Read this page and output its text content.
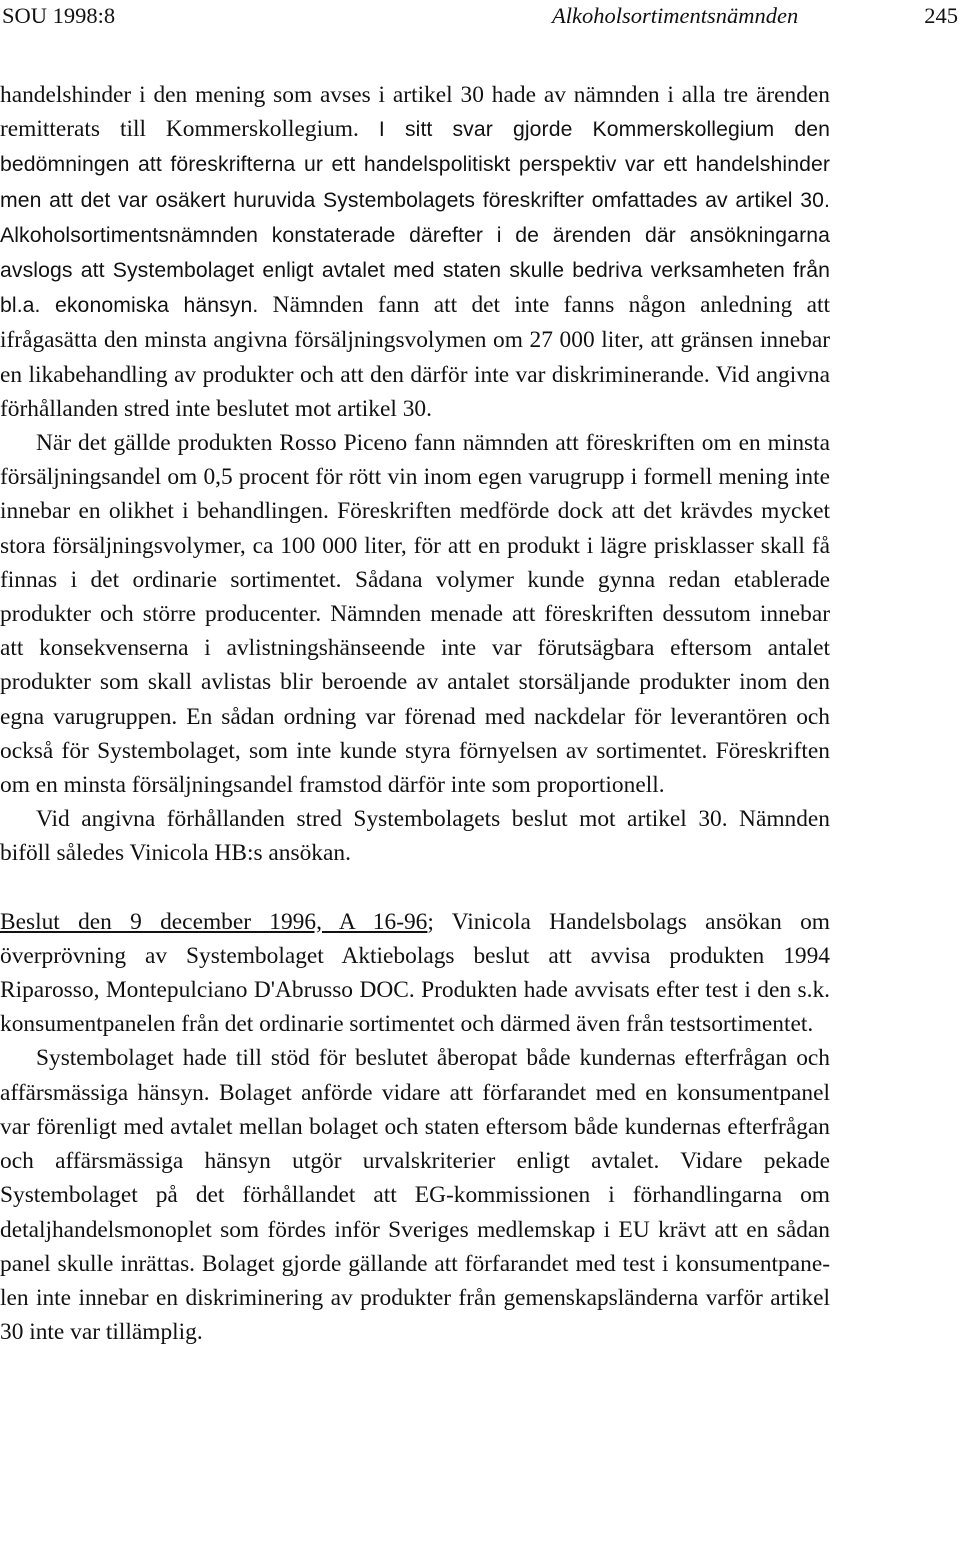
SOU 1998:8	Alkoholsortimentsnämnden	245

handelshinder i den mening som avses i artikel 30 hade av nämnden i alla tre ärenden remitterats till Kommerskollegium. I sitt svar gjorde Kommerskollegium den bedömningen att föreskrifterna ur ett handelspolitiskt perspektiv var ett handelshinder men att det var osäkert huruvida Systembolagets föreskrifter omfattades av artikel 30. Alkoholsortimentsnämnden konstaterade därefter i de ärenden där ansökningarna avslogs att Systembolaget enligt avtalet med staten skulle bedriva verksamheten från bl.a. ekonomiska hänsyn. Nämnden fann att det inte fanns någon anledning att ifrågasätta den minsta angivna försäljningsvolymen om 27 000 liter, att gränsen innebar en likabehandling av produkter och att den därför inte var diskriminerande. Vid angivna förhållanden stred inte beslutet mot artikel 30.

När det gällde produkten Rosso Piceno fann nämnden att föreskriften om en minsta försäljningsandel om 0,5 procent för rött vin inom egen varugrupp i formell mening inte innebar en olikhet i behandlingen. Föreskriften medförde dock att det krävdes mycket stora försäljningsvolymer, ca 100 000 liter, för att en produkt i lägre prisklasser skall få finnas i det ordinarie sortimentet. Sådana volymer kunde gynna redan etablerade produkter och större producenter. Nämnden menade att föreskriften dessutom innebar att konsekvenserna i avlistningshänseende inte var förutsägbara eftersom antalet produkter som skall avlistas blir beroende av antalet storsäljande produkter inom den egna varugruppen. En sådan ordning var förenad med nackdelar för leverantören och också för Systembolaget, som inte kunde styra förnyelsen av sortimentet. Föreskriften om en minsta försäljningsandel framstod därför inte som proportionell.

Vid angivna förhållanden stred Systembolagets beslut mot artikel 30. Nämnden biföll således Vinicola HB:s ansökan.

Beslut den 9 december 1996, A 16-96; Vinicola Handelsbolags ansökan om överprövning av Systembolaget Aktiebolags beslut att avvisa produkten 1994 Riparosso, Montepulciano D'Abrusso DOC. Produkten hade avvisats efter test i den s.k. konsumentpanelen från det ordinarie sortimentet och därmed även från testsortimentet.

Systembolaget hade till stöd för beslutet åberopat både kundernas efterfrågan och affärsmässiga hänsyn. Bolaget anförde vidare att förfarandet med en konsumentpanel var förenligt med avtalet mellan bolaget och staten eftersom både kundernas efterfrågan och affärsmässiga hänsyn utgör urvalskriterier enligt avtalet. Vidare pekade Systembolaget på det förhållandet att EG-kommissionen i förhandlingarna om detaljhandelsmonoplet som fördes inför Sveriges medlemskap i EU krävt att en sådan panel skulle inrättas. Bolaget gjorde gällande att förfarandet med test i konsumentpanelen inte innebar en diskriminering av produkter från gemenskapsländerna varför artikel 30 inte var tillämplig.
